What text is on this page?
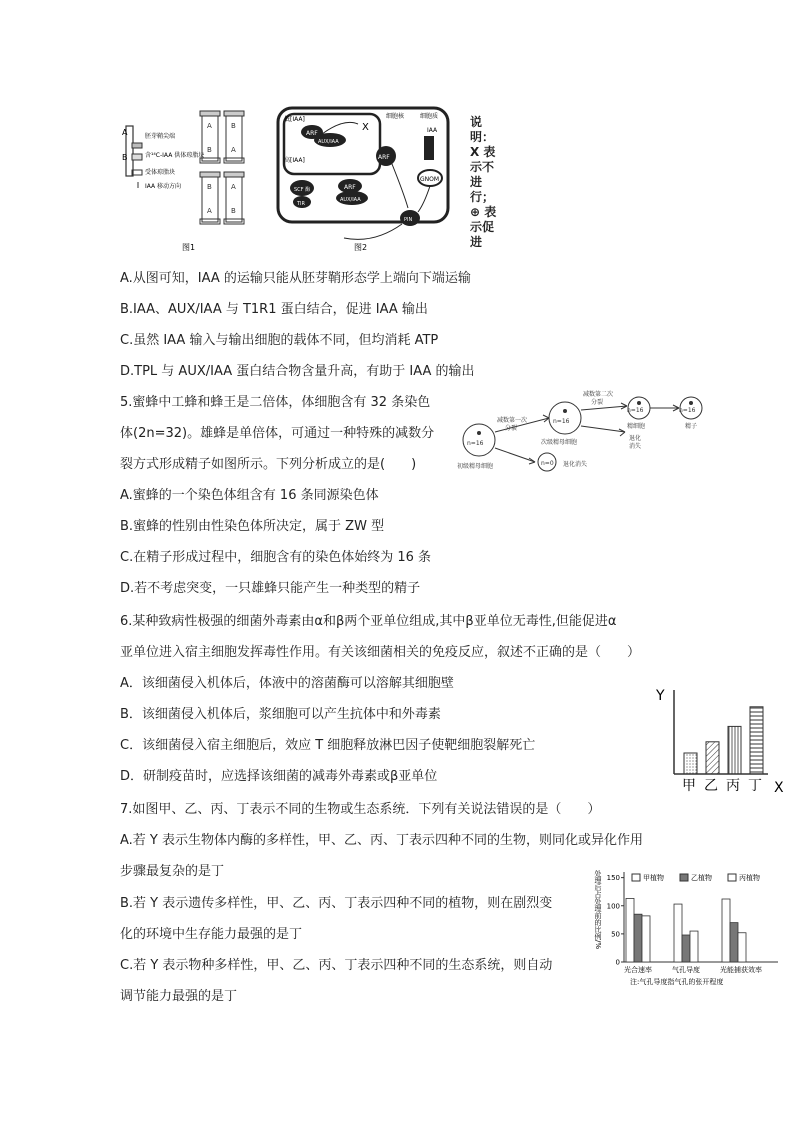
A
B
胚芽鞘尖端
含¹⁴C-IAA 供体琼脂块
受体琼脂块
IAA 移动方向
A
B
B
A
B
A
A
B
图1
低[IAA]
ARF
AUX/IAA
X
细胞核	细胞质
高[IAA]	ARF
SCF 酶
TIR
ARF
AUX/IAA
GNOM
IAA
PIN
图2
说明：
X 表示不进行；
⊕ 表示促进
A.从图可知，IAA 的运输只能从胚芽鞘形态学上端向下端运输
B.IAA、AUX/IAA 与 T1R1 蛋白结合，促进 IAA 输出
C.虽然 IAA 输入与输出细胞的载体不同，但均消耗 ATP
D.TPL 与 AUX/IAA 蛋白结合物含量升高，有助于 IAA 的输出
5.蜜蜂中工蜂和蜂王是二倍体，体细胞含有 32 条染色
体(2n=32)。雄蜂是单倍体，可通过一种特殊的减数分
裂方式形成精子如图所示。下列分析成立的是(　　)
n=16
n=16
n=0
n=16	n=16
减数第一次
分裂
减数第二次
分裂
次级精母细胞
初级精母细胞
精细胞	精子
退化
消失
退化消失
A.蜜蜂的一个染色体组含有 16 条同源染色体
B.蜜蜂的性别由性染色体所决定，属于 ZW 型
C.在精子形成过程中，细胞含有的染色体始终为 16 条
D.若不考虑突变，一只雄蜂只能产生一种类型的精子
6.某种致病性极强的细菌外毒素由α和β两个亚单位组成,其中β亚单位无毒性,但能促进α
亚单位进入宿主细胞发挥毒性作用。有关该细菌相关的免疫反应，叙述不正确的是（　　）
A．该细菌侵入机体后，体液中的溶菌酶可以溶解其细胞壁
B．该细菌侵入机体后，浆细胞可以产生抗体中和外毒素
C．该细菌侵入宿主细胞后，效应 T 细胞释放淋巴因子使靶细胞裂解死亡
D．研制疫苗时，应选择该细菌的减毒外毒素或β亚单位
Y
X
甲 乙 丙 丁
7.如图甲、乙、丙、丁表示不同的生物或生态系统．下列有关说法错误的是（　　）
A.若 Y 表示生物体内酶的多样性，甲、乙、丙、丁表示四种不同的生物，则同化或异化作用
步骤最复杂的是丁
B.若 Y 表示遗传多样性，甲、乙、丙、丁表示四种不同的植物，则在剧烈变
化的环境中生存能力最强的是丁
C.若 Y 表示物种多样性，甲、乙、丙、丁表示四种不同的生态系统，则自动
调节能力最强的是丁
处理后占处理前的比例/%
0
50
100
150	甲植物	乙植物	丙植物
光合速率	气孔导度	光能捕获效率
注:气孔导度指气孔的张开程度
